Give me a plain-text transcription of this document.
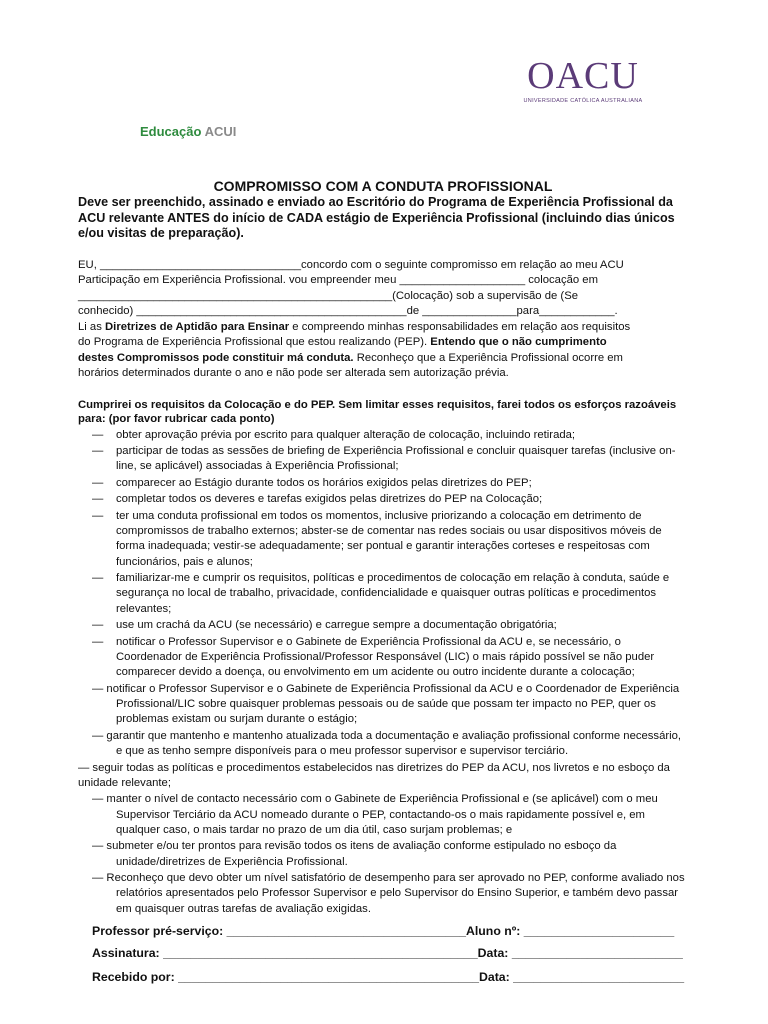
OACU
UNIVERSIDADE CATÓLICA AUSTRALIANA
Educação ACUI

COMPROMISSO COM A CONDUTA PROFISSIONAL

Deve ser preenchido, assinado e enviado ao Escritório do Programa de Experiência Profissional da ACU relevante ANTES do início de CADA estágio de Experiência Profissional (incluindo dias únicos e/ou visitas de preparação).

EU, ________________________________concordo com o seguinte compromisso em relação ao meu ACU
Participação em Experiência Profissional. vou empreender meu ____________________ colocação em
__________________________________________________(Colocação) sob a supervisão de (Se
conhecido) ___________________________________________de _______________para____________.
Li as Diretrizes de Aptidão para Ensinar e compreendo minhas responsabilidades em relação aos requisitos
do Programa de Experiência Profissional que estou realizando (PEP). Entendo que o não cumprimento
destes Compromissos pode constituir má conduta. Reconheço que a Experiência Profissional ocorre em
horários determinados durante o ano e não pode ser alterada sem autorização prévia.

Cumprirei os requisitos da Colocação e do PEP. Sem limitar esses requisitos, farei todos os esforços razoáveis para: (por favor rubricar cada ponto)

— obter aprovação prévia por escrito para qualquer alteração de colocação, incluindo retirada;
— participar de todas as sessões de briefing de Experiência Profissional e concluir quaisquer tarefas (inclusive on-line, se aplicável) associadas à Experiência Profissional;
— comparecer ao Estágio durante todos os horários exigidos pelas diretrizes do PEP;
— completar todos os deveres e tarefas exigidos pelas diretrizes do PEP na Colocação;
— ter uma conduta profissional em todos os momentos, inclusive priorizando a colocação em detrimento de compromissos de trabalho externos; abster-se de comentar nas redes sociais ou usar dispositivos móveis de forma inadequada; vestir-se adequadamente; ser pontual e garantir interações corteses e respeitosas com funcionários, pais e alunos;
— familiarizar-me e cumprir os requisitos, políticas e procedimentos de colocação em relação à conduta, saúde e segurança no local de trabalho, privacidade, confidencialidade e quaisquer outras políticas e procedimentos relevantes;
— use um crachá da ACU (se necessário) e carregue sempre a documentação obrigatória;
— notificar o Professor Supervisor e o Gabinete de Experiência Profissional da ACU e, se necessário, o Coordenador de Experiência Profissional/Professor Responsável (LIC) o mais rápido possível se não puder comparecer devido a doença, ou envolvimento em um acidente ou outro incidente durante a colocação;
— notificar o Professor Supervisor e o Gabinete de Experiência Profissional da ACU e o Coordenador de Experiência Profissional/LIC sobre quaisquer problemas pessoais ou de saúde que possam ter impacto no PEP, quer os problemas existam ou surjam durante o estágio;
— garantir que mantenho e mantenho atualizada toda a documentação e avaliação profissional conforme necessário, e que as tenho sempre disponíveis para o meu professor supervisor e supervisor terciário.
— seguir todas as políticas e procedimentos estabelecidos nas diretrizes do PEP da ACU, nos livretos e no esboço da unidade relevante;
— manter o nível de contacto necessário com o Gabinete de Experiência Profissional e (se aplicável) com o meu Supervisor Terciário da ACU nomeado durante o PEP, contactando-os o mais rapidamente possível e, em qualquer caso, o mais tardar no prazo de um dia útil, caso surjam problemas; e
— submeter e/ou ter prontos para revisão todos os itens de avaliação conforme estipulado no esboço da unidade/diretrizes de Experiência Profissional.
— Reconheço que devo obter um nível satisfatório de desempenho para ser aprovado no PEP, conforme avaliado nos relatórios apresentados pelo Professor Supervisor e pelo Supervisor do Ensino Superior, e também devo passar em quaisquer outras tarefas de avaliação exigidas.
Professor pré-serviço: ___________________________________Aluno nº: ______________________
Assinatura: ______________________________________________Data: _________________________
Recebido por: ____________________________________________Data: _________________________
